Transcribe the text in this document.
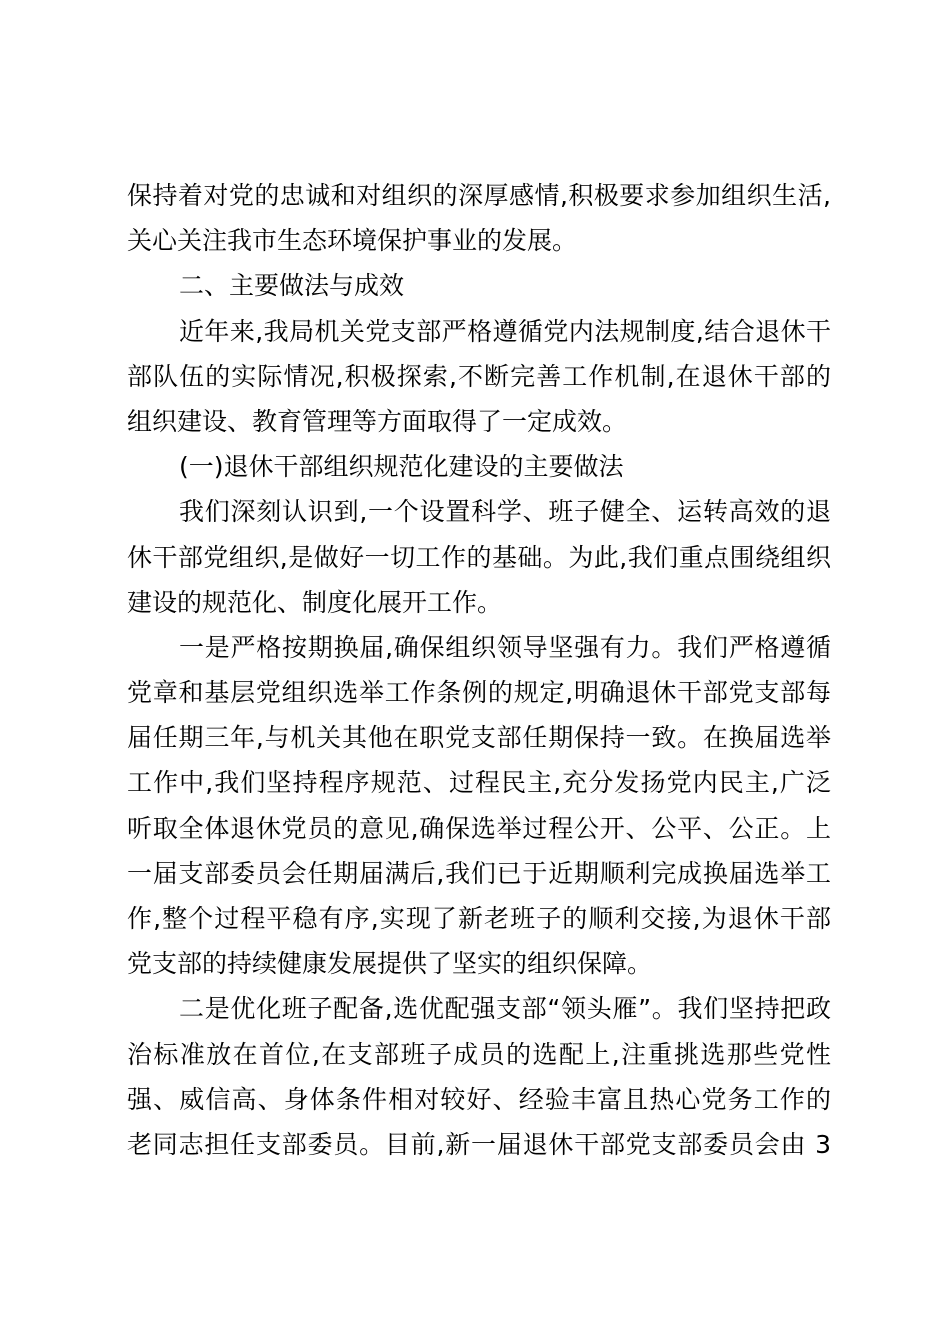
保持着对党的忠诚和对组织的深厚感情,积极要求参加组织生活,
关心关注我市生态环境保护事业的发展。
二、主要做法与成效
近年来,我局机关党支部严格遵循党内法规制度,结合退休干
部队伍的实际情况,积极探索,不断完善工作机制,在退休干部的
组织建设、教育管理等方面取得了一定成效。
(一)退休干部组织规范化建设的主要做法
我们深刻认识到,一个设置科学、班子健全、运转高效的退
休干部党组织,是做好一切工作的基础。为此,我们重点围绕组织
建设的规范化、制度化展开工作。
一是严格按期换届,确保组织领导坚强有力。我们严格遵循
党章和基层党组织选举工作条例的规定,明确退休干部党支部每
届任期三年,与机关其他在职党支部任期保持一致。在换届选举
工作中,我们坚持程序规范、过程民主,充分发扬党内民主,广泛
听取全体退休党员的意见,确保选举过程公开、公平、公正。上
一届支部委员会任期届满后,我们已于近期顺利完成换届选举工
作,整个过程平稳有序,实现了新老班子的顺利交接,为退休干部
党支部的持续健康发展提供了坚实的组织保障。
二是优化班子配备,选优配强支部“领头雁”。我们坚持把政
治标准放在首位,在支部班子成员的选配上,注重挑选那些党性
强、威信高、身体条件相对较好、经验丰富且热心党务工作的
老同志担任支部委员。目前,新一届退休干部党支部委员会由 3
